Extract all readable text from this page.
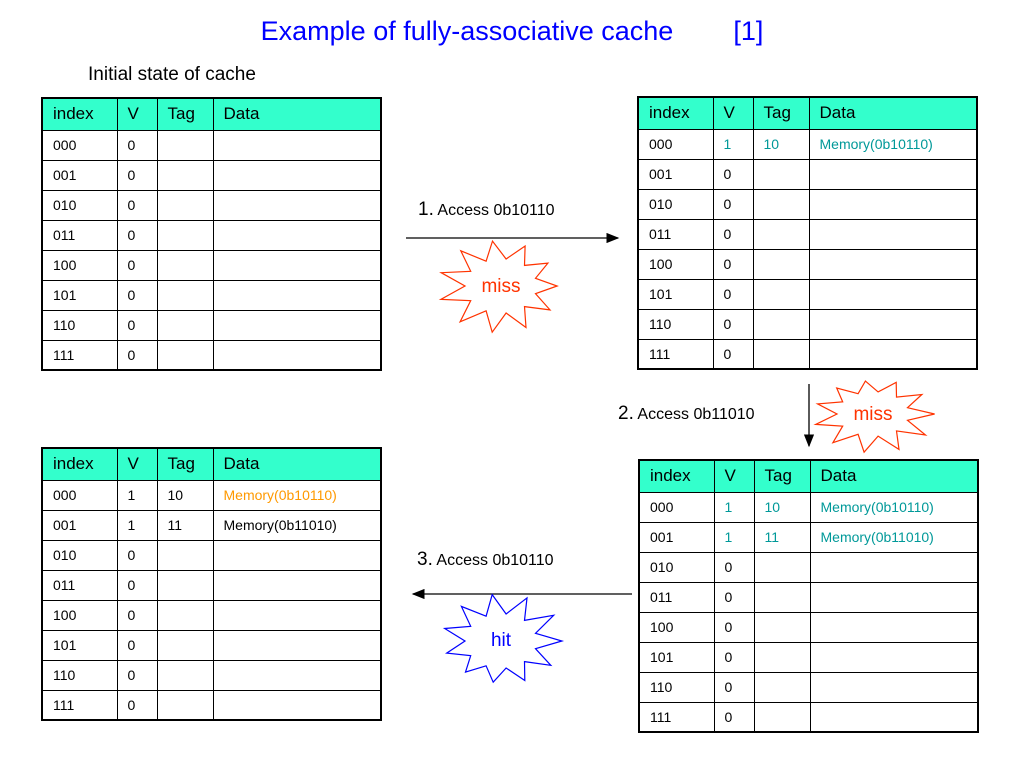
Example of fully-associative cache [1]
Initial state of cache
index	V	Tag	Data
000	0		
001	0		
010	0		
011	0		
100	0		
101	0		
110	0		
111	0		
index	V	Tag	Data
000	1	10	Memory(0b10110)
001	0		
010	0		
011	0		
100	0		
101	0		
110	0		
111	0		
index	V	Tag	Data
000	1	10	Memory(0b10110)
001	1	11	Memory(0b11010)
010	0		
011	0		
100	0		
101	0		
110	0		
111	0		
index	V	Tag	Data
000	1	10	Memory(0b10110)
001	1	11	Memory(0b11010)
010	0		
011	0		
100	0		
101	0		
110	0		
111	0		
1. Access 0b10110
2. Access 0b11010
3. Access 0b10110
miss
miss
hit
